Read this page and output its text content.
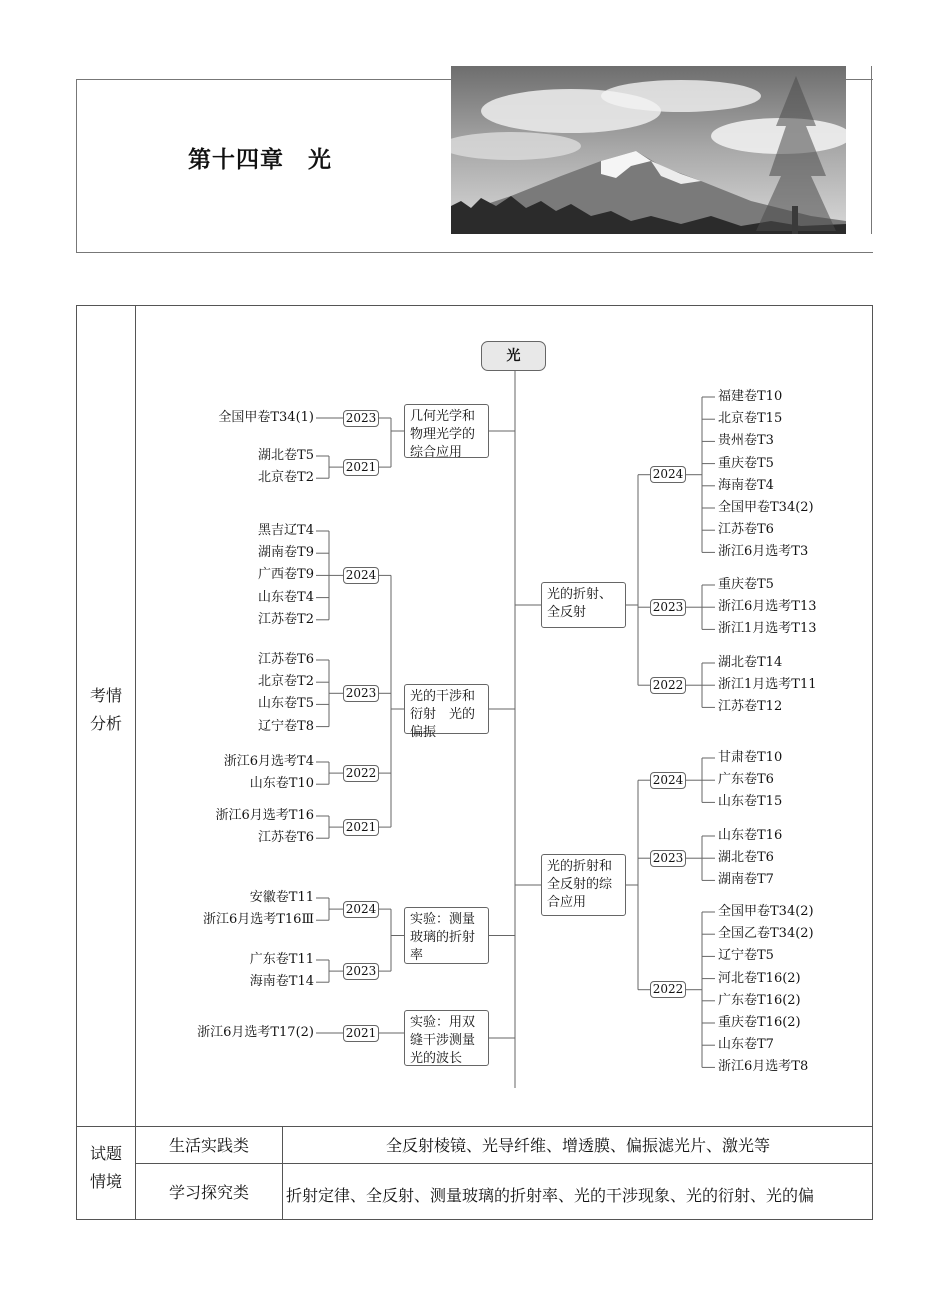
第十四章　光
考情
分析
试题
情境
生活实践类	全反射棱镜、光导纤维、增透膜、偏振滤光片、激光等
学习探究类	折射定律、全反射、测量玻璃的折射率、光的干涉现象、光的衍射、光的偏
光
几何光学和
物理光学的
综合应用
2023
全国甲卷T34(1)
2021
湖北卷T5
北京卷T2
光的干涉和
衍射　光的
偏振
2024
黑吉辽T4
湖南卷T9
广西卷T9
山东卷T4
江苏卷T2
2023
江苏卷T6
北京卷T2
山东卷T5
辽宁卷T8
2022
浙江6月选考T4
山东卷T10
2021
浙江6月选考T16
江苏卷T6
实验：测量
玻璃的折射
率
2024
安徽卷T11
浙江6月选考T16Ⅲ
2023
广东卷T11
海南卷T14
实验：用双
缝干涉测量
光的波长
2021
浙江6月选考T17(2)
光的折射、
全反射
2024
福建卷T10
北京卷T15
贵州卷T3
重庆卷T5
海南卷T4
全国甲卷T34(2)
江苏卷T6
浙江6月选考T3
2023
重庆卷T5
浙江6月选考T13
浙江1月选考T13
2022
湖北卷T14
浙江1月选考T11
江苏卷T12
光的折射和
全反射的综
合应用
2024
甘肃卷T10
广东卷T6
山东卷T15
2023
山东卷T16
湖北卷T6
湖南卷T7
2022
全国甲卷T34(2)
全国乙卷T34(2)
辽宁卷T5
河北卷T16(2)
广东卷T16(2)
重庆卷T16(2)
山东卷T7
浙江6月选考T8
